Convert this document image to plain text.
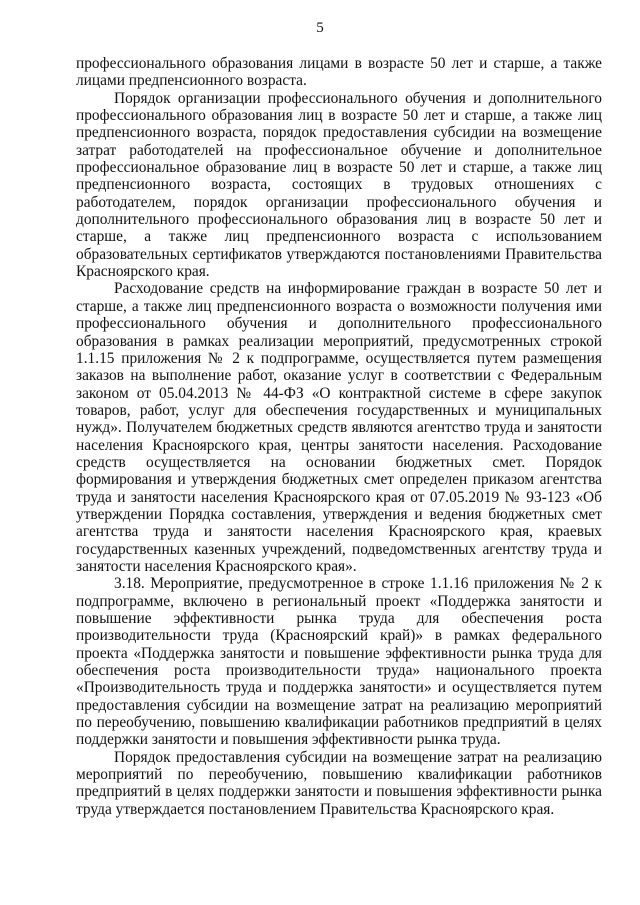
5

профессионального образования лицами в возрасте 50 лет и старше, а также лицами предпенсионного возраста.

Порядок организации профессионального обучения и дополнительного профессионального образования лиц в возрасте 50 лет и старше, а также лиц предпенсионного возраста, порядок предоставления субсидии на возмещение затрат работодателей на профессиональное обучение и дополнительное профессиональное образование лиц в возрасте 50 лет и старше, а также лиц предпенсионного возраста, состоящих в трудовых отношениях с работодателем, порядок организации профессионального обучения и дополнительного профессионального образования лиц в возрасте 50 лет и старше, а также лиц предпенсионного возраста с использованием образовательных сертификатов утверждаются постановлениями Правительства Красноярского края.

Расходование средств на информирование граждан в возрасте 50 лет и старше, а также лиц предпенсионного возраста о возможности получения ими профессионального обучения и дополнительного профессионального образования в рамках реализации мероприятий, предусмотренных строкой 1.1.15 приложения № 2 к подпрограмме, осуществляется путем размещения заказов на выполнение работ, оказание услуг в соответствии с Федеральным законом от 05.04.2013 № 44-ФЗ «О контрактной системе в сфере закупок товаров, работ, услуг для обеспечения государственных и муниципальных нужд». Получателем бюджетных средств являются агентство труда и занятости населения Красноярского края, центры занятости населения. Расходование средств осуществляется на основании бюджетных смет. Порядок формирования и утверждения бюджетных смет определен приказом агентства труда и занятости населения Красноярского края от 07.05.2019 № 93-123 «Об утверждении Порядка составления, утверждения и ведения бюджетных смет агентства труда и занятости населения Красноярского края, краевых государственных казенных учреждений, подведомственных агентству труда и занятости населения Красноярского края».

3.18. Мероприятие, предусмотренное в строке 1.1.16 приложения № 2 к подпрограмме, включено в региональный проект «Поддержка занятости и повышение эффективности рынка труда для обеспечения роста производительности труда (Красноярский край)» в рамках федерального проекта «Поддержка занятости и повышение эффективности рынка труда для обеспечения роста производительности труда» национального проекта «Производительность труда и поддержка занятости» и осуществляется путем предоставления субсидии на возмещение затрат на реализацию мероприятий по переобучению, повышению квалификации работников предприятий в целях поддержки занятости и повышения эффективности рынка труда.

Порядок предоставления субсидии на возмещение затрат на реализацию мероприятий по переобучению, повышению квалификации работников предприятий в целях поддержки занятости и повышения эффективности рынка труда утверждается постановлением Правительства Красноярского края.
